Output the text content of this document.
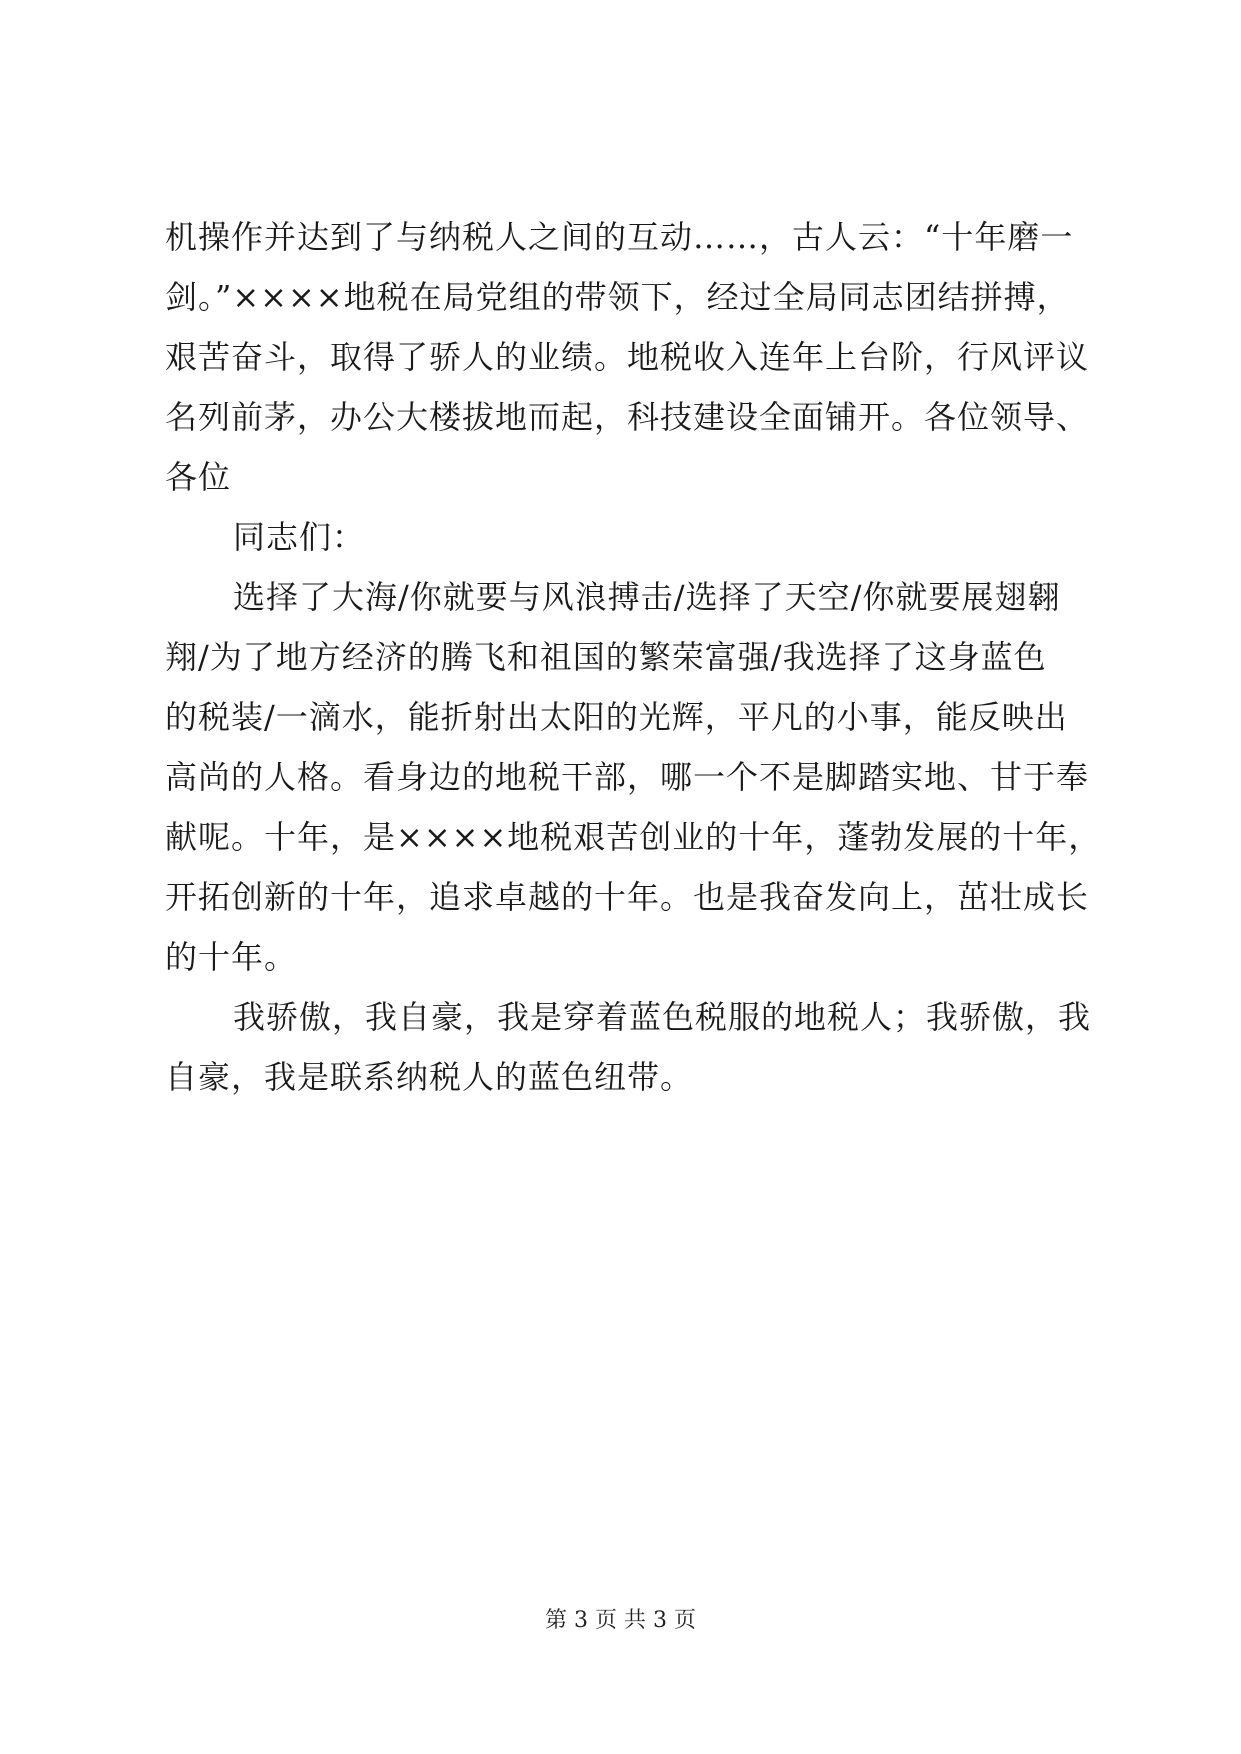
机操作并达到了与纳税人之间的互动……，古人云：“十年磨一
剑。”××××地税在局党组的带领下，经过全局同志团结拼搏，
艰苦奋斗，取得了骄人的业绩。地税收入连年上台阶，行风评议
名列前茅，办公大楼拔地而起，科技建设全面铺开。各位领导、
各位
同志们：
选择了大海/你就要与风浪搏击/选择了天空/你就要展翅翱
翔/为了地方经济的腾飞和祖国的繁荣富强/我选择了这身蓝色
的税装/一滴水，能折射出太阳的光辉，平凡的小事，能反映出
高尚的人格。看身边的地税干部，哪一个不是脚踏实地、甘于奉
献呢。十年，是××××地税艰苦创业的十年，蓬勃发展的十年，
开拓创新的十年，追求卓越的十年。也是我奋发向上，茁壮成长
的十年。
我骄傲，我自豪，我是穿着蓝色税服的地税人；我骄傲，我
自豪，我是联系纳税人的蓝色纽带。
第 3 页 共 3 页
